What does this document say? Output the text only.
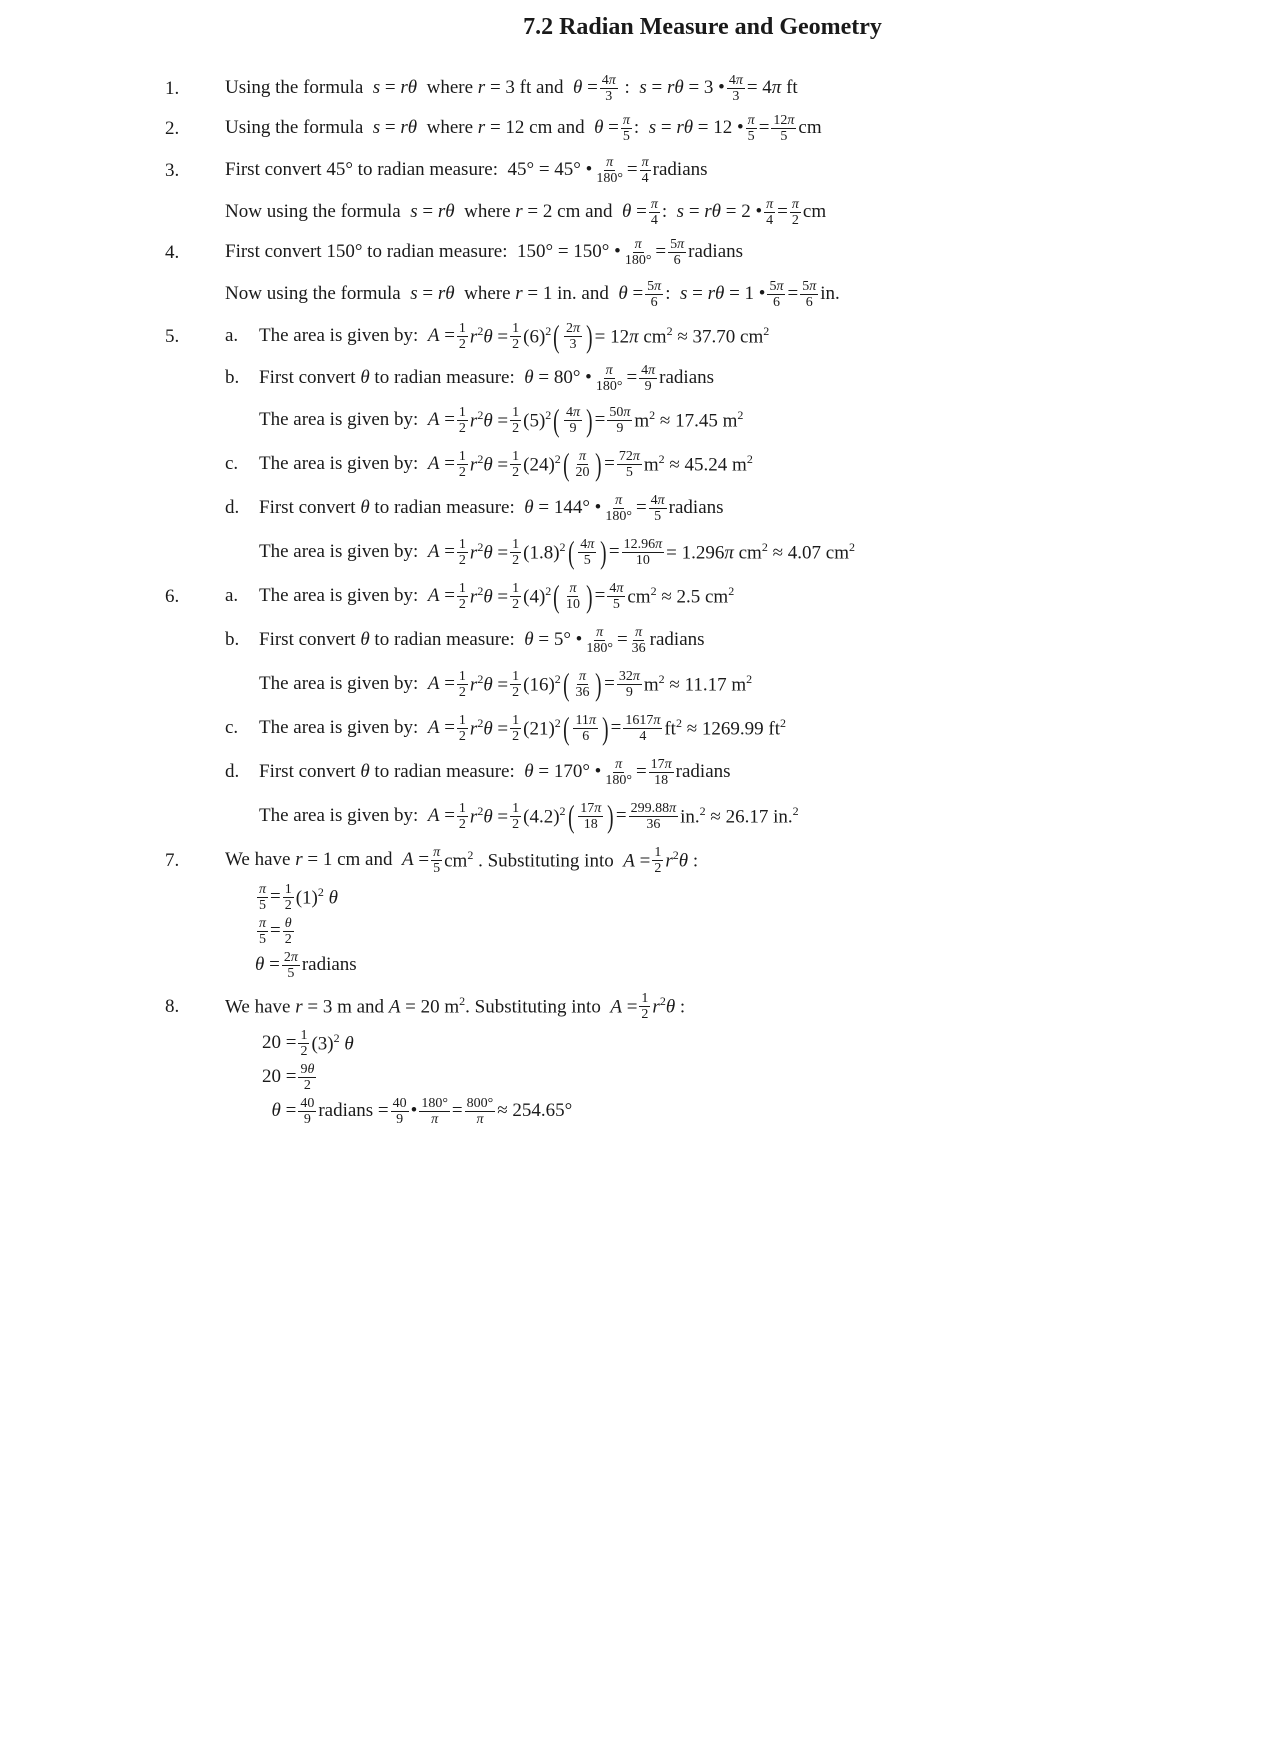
7.2 Radian Measure and Geometry
1.	Using the formula  s = rθ  where r = 3 ft and  $\theta = \frac{4\pi}{3}$ :  s = rθ = 3 • $\frac{4\pi}{3} = 4\pi$ ft
2.	Using the formula  s = rθ  where r = 12 cm and  $\theta = \frac{\pi}{5}$ :  s = rθ = 12 • $\frac{\pi}{5} = \frac{12\pi}{5}$ cm
3.	First convert 45° to radian measure:  45° = 45° • $\frac{\pi}{180^\circ} = \frac{\pi}{4}$ radians
Now using the formula  s = rθ  where r = 2 cm and  $\theta = \frac{\pi}{4}$ :  s = rθ = 2 • $\frac{\pi}{4} = \frac{\pi}{2}$ cm
4.	First convert 150° to radian measure:  150° = 150° • $\frac{\pi}{180^\circ} = \frac{5\pi}{6}$ radians
Now using the formula  s = rθ  where r = 1 in. and  $\theta = \frac{5\pi}{6}$ :  s = rθ = 1 • $\frac{5\pi}{6} = \frac{5\pi}{6}$ in.
5.	a.	The area is given by:  $A = \frac{1}{2} r^2\theta = \frac{1}{2} (6)^2$ ( $\frac{2\pi}{3}$ ) = 12π $cm^2 \approx 37.70$ $cm^2$
b.	First convert θ to radian measure:  θ = 80° • $\frac{\pi}{180^\circ} = \frac{4\pi}{9}$ radians
The area is given by:  $A = \frac{1}{2} r^2\theta = \frac{1}{2} (5)^2$ ( $\frac{4\pi}{9}$ ) = $\frac{50\pi}{9} m^2 \approx 17.45$ $m^2$
c.	The area is given by:  $A = \frac{1}{2} r^2\theta = \frac{1}{2} (24)^2$ ( $\frac{\pi}{20}$ ) = $\frac{72\pi}{5} m^2 \approx 45.24$ $m^2$
d.	First convert θ to radian measure:  θ = 144° • $\frac{\pi}{180^\circ} = \frac{4\pi}{5}$ radians
The area is given by:  $A = \frac{1}{2} r^2\theta = \frac{1}{2} (1.8)^2$ ( $\frac{4\pi}{5}$ ) = $\frac{12.96\pi}{10} = 1.296\pi$ $cm^2 \approx 4.07$ $cm^2$
6.	a.	The area is given by:  $A = \frac{1}{2} r^2\theta = \frac{1}{2} (4)^2$ ( $\frac{\pi}{10}$ ) = $\frac{4\pi}{5} cm^2 \approx 2.5$ $cm^2$
b.	First convert θ to radian measure:  θ = 5° • $\frac{\pi}{180^\circ} = \frac{\pi}{36}$ radians
The area is given by:  $A = \frac{1}{2} r^2\theta = \frac{1}{2} (16)^2$ ( $\frac{\pi}{36}$ ) = $\frac{32\pi}{9} m^2 \approx 11.17$ $m^2$
c.	The area is given by:  $A = \frac{1}{2} r^2\theta = \frac{1}{2} (21)^2$ ( $\frac{11\pi}{6}$ ) = $\frac{1617\pi}{4} ft^2 \approx 1269.99$ $ft^2$
d.	First convert θ to radian measure:  θ = 170° • $\frac{\pi}{180^\circ} = \frac{17\pi}{18}$ radians
The area is given by:  $A = \frac{1}{2} r^2\theta = \frac{1}{2} (4.2)^2$ ( $\frac{17\pi}{18}$ ) = $\frac{299.88\pi}{36} in.^2 \approx 26.17$ in.$^2$
7.	We have r = 1 cm and  $A = \frac{\pi}{5} cm^2$ . Substituting into  $A = \frac{1}{2} r^2\theta$ :
$\frac{\pi}{5} = \frac{1}{2} (1)^2$ θ
$\frac{\pi}{5} = \frac{\theta}{2}$
$\theta = \frac{2\pi}{5}$ radians
8.	We have r = 3 m and A = 20 $m^2$. Substituting into  $A = \frac{1}{2} r^2\theta$ :
$20 = \frac{1}{2} (3)^2$ θ
$20 = \frac{9\theta}{2}$
$\theta = \frac{40}{9}$ radians = $\frac{40}{9}$ • $\frac{180^\circ}{\pi} = \frac{800^\circ}{\pi} \approx 254.65^\circ$
